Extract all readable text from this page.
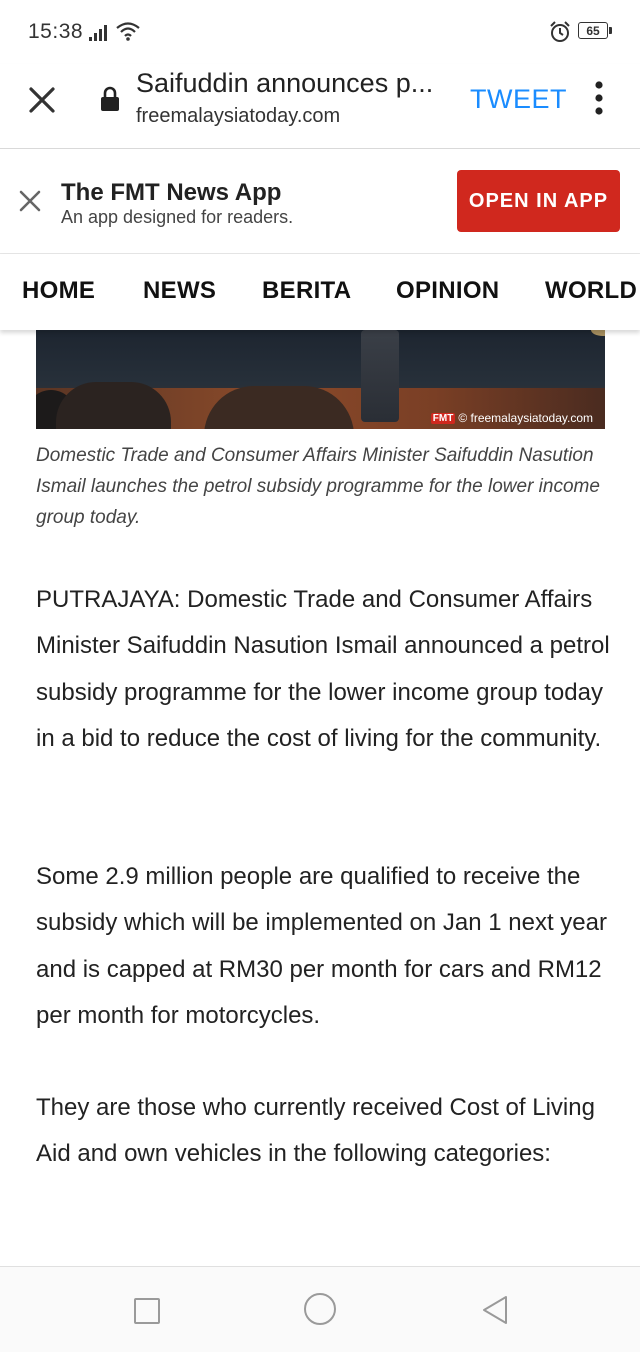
15:38	65
Saifuddin announces p...
freemalaysiatoday.com
TWEET
The FMT News App
An app designed for readers.
OPEN IN APP
HOME NEWS BERITA OPINION WORLD
FMT © freemalaysiatoday.com
Domestic Trade and Consumer Affairs Minister Saifuddin Nasution Ismail launches the petrol subsidy programme for the lower income group today.
PUTRAJAYA: Domestic Trade and Consumer Affairs Minister Saifuddin Nasution Ismail announced a petrol subsidy programme for the lower income group today in a bid to reduce the cost of living for the community.
Some 2.9 million people are qualified to receive the subsidy which will be implemented on Jan 1 next year and is capped at RM30 per month for cars and RM12 per month for motorcycles.
They are those who currently received Cost of Living Aid and own vehicles in the following categories:
